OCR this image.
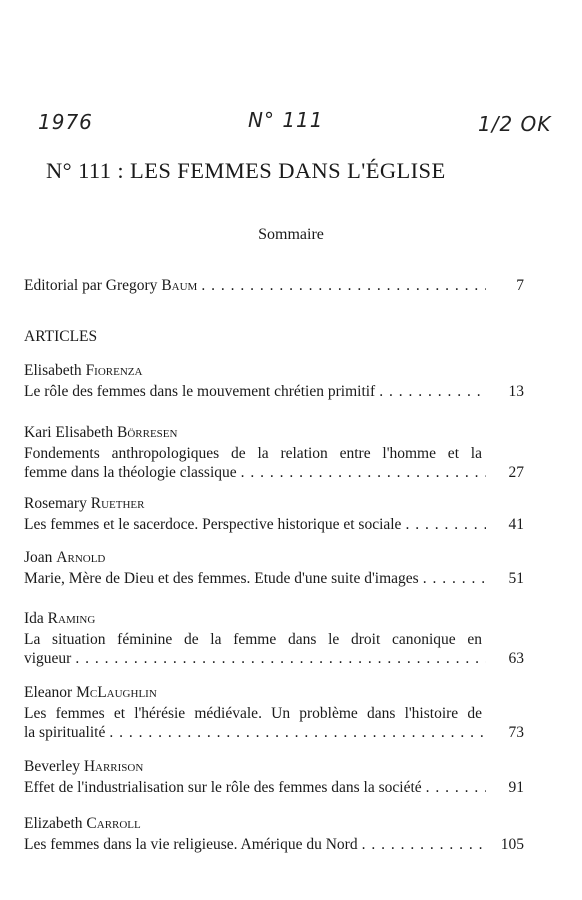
1976	N° 111	1/2 OK
N° 111 : LES FEMMES DANS L'ÉGLISE
Sommaire
Editorial par Gregory Baum . . .	7
ARTICLES
Elisabeth Fiorenza
Le rôle des femmes dans le mouvement chrétien primitif . . .	13
Kari Elisabeth Börresen
Fondements anthropologiques de la relation entre l'homme et la
femme dans la théologie classique . . .	27
Rosemary Ruether
Les femmes et le sacerdoce. Perspective historique et sociale . . .	41
Joan Arnold
Marie, Mère de Dieu et des femmes. Etude d'une suite d'images . . .	51
Ida Raming
La situation féminine de la femme dans le droit canonique en
vigueur . . .	63
Eleanor McLaughlin
Les femmes et l'hérésie médiévale. Un problème dans l'histoire de
la spiritualité . . .	73
Beverley Harrison
Effet de l'industrialisation sur le rôle des femmes dans la société . . .	91
Elizabeth Carroll
Les femmes dans la vie religieuse. Amérique du Nord . . .	105
